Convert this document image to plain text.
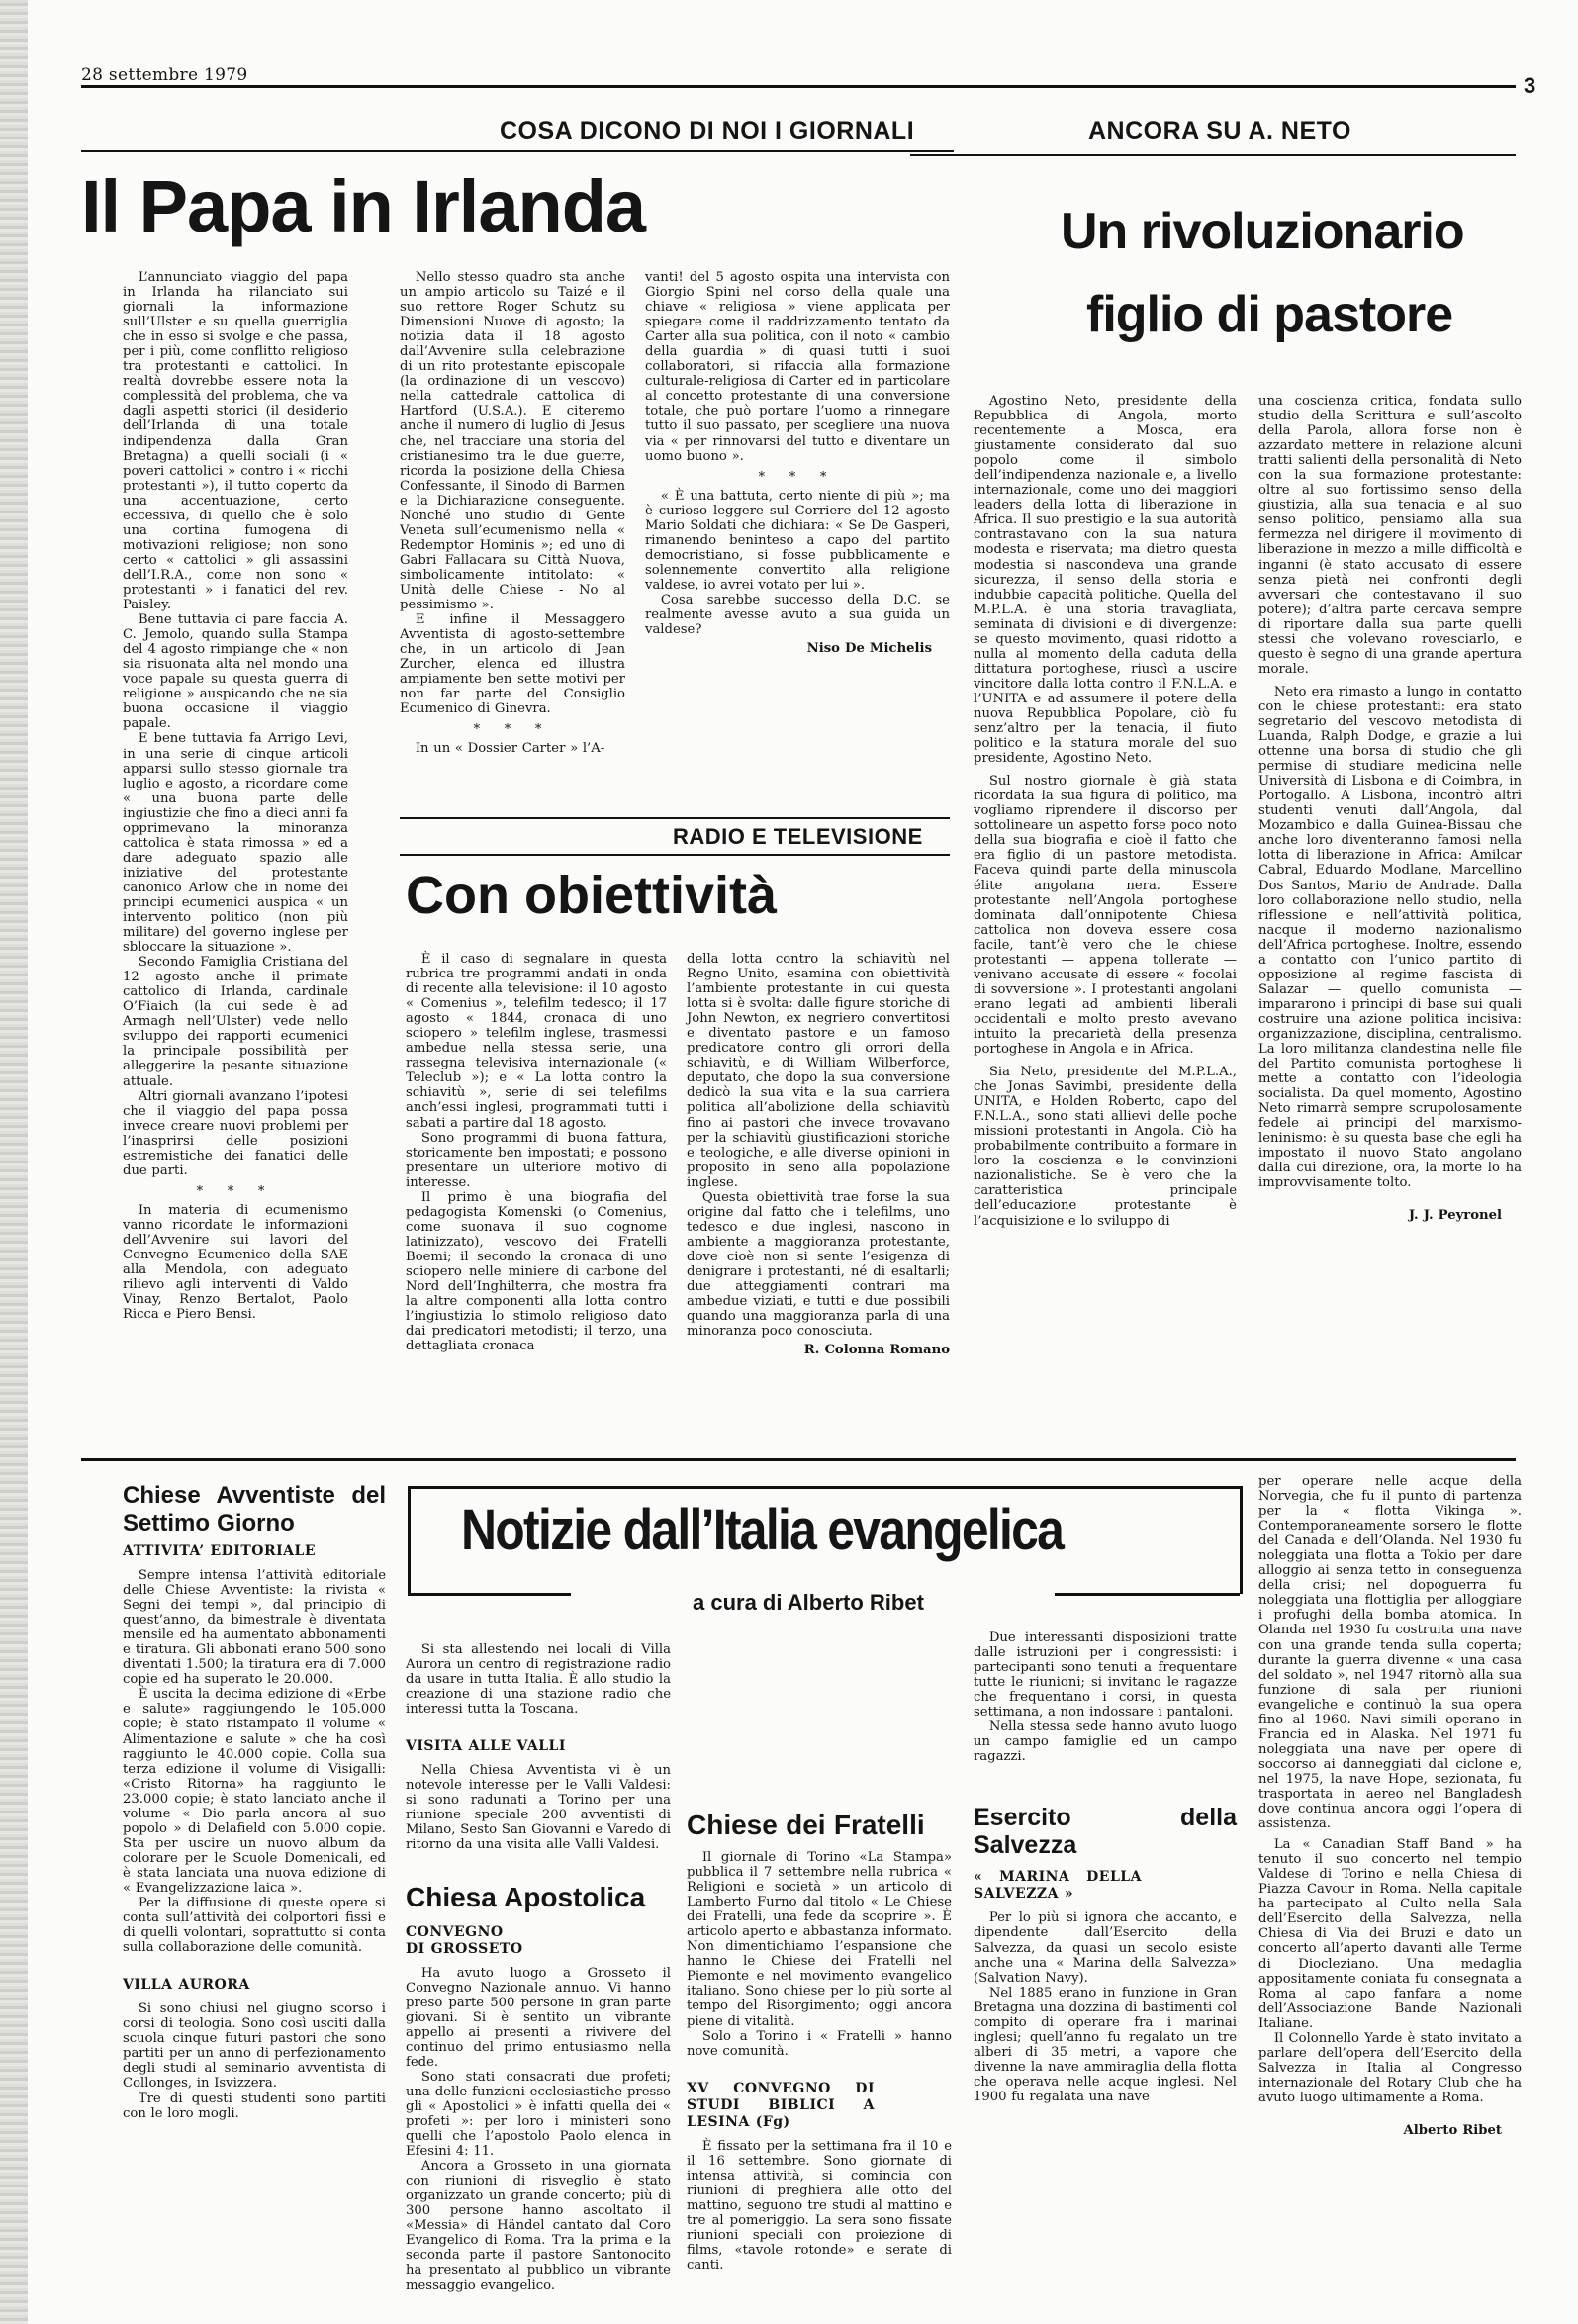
28 settembre 1979	3
COSA DICONO DI NOI I GIORNALI	ANCORA SU A. NETO
Il Papa in Irlanda

L’annunciato viaggio del papa in Irlanda ha rilanciato sui giornali la informazione sull’Ulster e su quella guerriglia che in esso si svolge e che passa, per i più, come conflitto religioso tra protestanti e cattolici. In realtà dovrebbe essere nota la complessità del problema, che va dagli aspetti storici (il desiderio dell’Irlanda di una totale indipendenza dalla Gran Bretagna) a quelli sociali (i « poveri cattolici » contro i « ricchi protestanti »), il tutto coperto da una accentuazione, certo eccessiva, di quello che è solo una cortina fumogena di motivazioni religiose; non sono certo « cattolici » gli assassini dell’I.R.A., come non sono « protestanti » i fanatici del rev. Paisley.

Bene tuttavia ci pare faccia A. C. Jemolo, quando sulla Stampa del 4 agosto rimpiange che « non sia risuonata alta nel mondo una voce papale su questa guerra di religione » auspicando che ne sia buona occasione il viaggio papale.

E bene tuttavia fa Arrigo Levi, in una serie di cinque articoli apparsi sullo stesso giornale tra luglio e agosto, a ricordare come « una buona parte delle ingiustizie che fino a dieci anni fa opprimevano la minoranza cattolica è stata rimossa » ed a dare adeguato spazio alle iniziative del protestante canonico Arlow che in nome dei principi ecumenici auspica « un intervento politico (non più militare) del governo inglese per sbloccare la situazione ».

Secondo Famiglia Cristiana del 12 agosto anche il primate cattolico di Irlanda, cardinale O’Fiaich (la cui sede è ad Armagh nell’Ulster) vede nello sviluppo dei rapporti ecumenici la principale possibilità per alleggerire la pesante situazione attuale.

Altri giornali avanzano l’ipotesi che il viaggio del papa possa invece creare nuovi problemi per l’inasprirsi delle posizioni estremistiche dei fanatici delle due parti.

* * *

In materia di ecumenismo vanno ricordate le informazioni dell’Avvenire sui lavori del Convegno Ecumenico della SAE alla Mendola, con adeguato rilievo agli interventi di Valdo Vinay, Renzo Bertalot, Paolo Ricca e Piero Bensi.

Nello stesso quadro sta anche un ampio articolo su Taizé e il suo rettore Roger Schutz su Dimensioni Nuove di agosto; la notizia data il 18 agosto dall’Avvenire sulla celebrazione di un rito protestante episcopale (la ordinazione di un vescovo) nella cattedrale cattolica di Hartford (U.S.A.). E citeremo anche il numero di luglio di Jesus che, nel tracciare una storia del cristianesimo tra le due guerre, ricorda la posizione della Chiesa Confessante, il Sinodo di Barmen e la Dichiarazione conseguente. Nonché uno studio di Gente Veneta sull’ecumenismo nella « Redemptor Hominis »; ed uno di Gabri Fallacara su Città Nuova, simbolicamente intitolato: « Unità delle Chiese - No al pessimismo ».

E infine il Messaggero Avventista di agosto-settembre che, in un articolo di Jean Zurcher, elenca ed illustra ampiamente ben sette motivi per non far parte del Consiglio Ecumenico di Ginevra.

* * *

In un « Dossier Carter » l’A-

vanti! del 5 agosto ospita una intervista con Giorgio Spini nel corso della quale una chiave « religiosa » viene applicata per spiegare come il raddrizzamento tentato da Carter alla sua politica, con il noto « cambio della guardia » di quasi tutti i suoi collaboratori, si rifaccia alla formazione culturale-religiosa di Carter ed in particolare al concetto protestante di una conversione totale, che può portare l’uomo a rinnegare tutto il suo passato, per scegliere una nuova via « per rinnovarsi del tutto e diventare un uomo buono ».

* * *

« È una battuta, certo niente di più »; ma è curioso leggere sul Corriere del 12 agosto Mario Soldati che dichiara: « Se De Gasperi, rimanendo beninteso a capo del partito democristiano, si fosse pubblicamente e solennemente convertito alla religione valdese, io avrei votato per lui ».

Cosa sarebbe successo della D.C. se realmente avesse avuto a sua guida un valdese?

Niso De Michelis
RADIO E TELEVISIONE
Con obiettività

È il caso di segnalare in questa rubrica tre programmi andati in onda di recente alla televisione: il 10 agosto « Comenius », telefilm tedesco; il 17 agosto « 1844, cronaca di uno sciopero » telefilm inglese, trasmessi ambedue nella stessa serie, una rassegna televisiva internazionale (« Teleclub »); e « La lotta contro la schiavitù », serie di sei telefilms anch’essi inglesi, programmati tutti i sabati a partire dal 18 agosto.

Sono programmi di buona fattura, storicamente ben impostati; e possono presentare un ulteriore motivo di interesse.

Il primo è una biografia del pedagogista Komenski (o Comenius, come suonava il suo cognome latinizzato), vescovo dei Fratelli Boemi; il secondo la cronaca di uno sciopero nelle miniere di carbone del Nord dell’Inghilterra, che mostra fra la altre componenti alla lotta contro l’ingiustizia lo stimolo religioso dato dai predicatori metodisti; il terzo, una dettagliata cronaca

della lotta contro la schiavitù nel Regno Unito, esamina con obiettività l’ambiente protestante in cui questa lotta si è svolta: dalle figure storiche di John Newton, ex negriero convertitosi e diventato pastore e un famoso predicatore contro gli orrori della schiavitù, e di William Wilberforce, deputato, che dopo la sua conversione dedicò la sua vita e la sua carriera politica all’abolizione della schiavitù fino ai pastori che invece trovavano per la schiavitù giustificazioni storiche e teologiche, e alle diverse opinioni in proposito in seno alla popolazione inglese.

Questa obiettività trae forse la sua origine dal fatto che i telefilms, uno tedesco e due inglesi, nascono in ambiente a maggioranza protestante, dove cioè non si sente l’esigenza di denigrare i protestanti, né di esaltarli; due atteggiamenti contrari ma ambedue viziati, e tutti e due possibili quando una maggioranza parla di una minoranza poco conosciuta.

R. Colonna Romano
Un rivoluzionario
figlio di pastore

Agostino Neto, presidente della Repubblica di Angola, morto recentemente a Mosca, era giustamente considerato dal suo popolo come il simbolo dell’indipendenza nazionale e, a livello internazionale, come uno dei maggiori leaders della lotta di liberazione in Africa. Il suo prestigio e la sua autorità contrastavano con la sua natura modesta e riservata; ma dietro questa modestia si nascondeva una grande sicurezza, il senso della storia e indubbie capacità politiche. Quella del M.P.L.A. è una storia travagliata, seminata di divisioni e di divergenze: se questo movimento, quasi ridotto a nulla al momento della caduta della dittatura portoghese, riuscì a uscire vincitore dalla lotta contro il F.N.L.A. e l’UNITA e ad assumere il potere della nuova Repubblica Popolare, ciò fu senz’altro per la tenacia, il fiuto politico e la statura morale del suo presidente, Agostino Neto.

Sul nostro giornale è già stata ricordata la sua figura di politico, ma vogliamo riprendere il discorso per sottolineare un aspetto forse poco noto della sua biografia e cioè il fatto che era figlio di un pastore metodista. Faceva quindi parte della minuscola élite angolana nera. Essere protestante nell’Angola portoghese dominata dall’onnipotente Chiesa cattolica non doveva essere cosa facile, tant’è vero che le chiese protestanti — appena tollerate — venivano accusate di essere « focolai di sovversione ». I protestanti angolani erano legati ad ambienti liberali occidentali e molto presto avevano intuito la precarietà della presenza portoghese in Angola e in Africa.

Sia Neto, presidente del M.P.L.A., che Jonas Savimbi, presidente della UNITA, e Holden Roberto, capo del F.N.L.A., sono stati allievi delle poche missioni protestanti in Angola. Ciò ha probabilmente contribuito a formare in loro la coscienza e le convinzioni nazionalistiche. Se è vero che la caratteristica principale dell’educazione protestante è l’acquisizione e lo sviluppo di

una coscienza critica, fondata sullo studio della Scrittura e sull’ascolto della Parola, allora forse non è azzardato mettere in relazione alcuni tratti salienti della personalità di Neto con la sua formazione protestante: oltre al suo fortissimo senso della giustizia, alla sua tenacia e al suo senso politico, pensiamo alla sua fermezza nel dirigere il movimento di liberazione in mezzo a mille difficoltà e inganni (è stato accusato di essere senza pietà nei confronti degli avversari che contestavano il suo potere); d’altra parte cercava sempre di riportare dalla sua parte quelli stessi che volevano rovesciarlo, e questo è segno di una grande apertura morale.

Neto era rimasto a lungo in contatto con le chiese protestanti: era stato segretario del vescovo metodista di Luanda, Ralph Dodge, e grazie a lui ottenne una borsa di studio che gli permise di studiare medicina nelle Università di Lisbona e di Coimbra, in Portogallo. A Lisbona, incontrò altri studenti venuti dall’Angola, dal Mozambico e dalla Guinea-Bissau che anche loro diventeranno famosi nella lotta di liberazione in Africa: Amilcar Cabral, Eduardo Modlane, Marcellino Dos Santos, Mario de Andrade. Dalla loro collaborazione nello studio, nella riflessione e nell’attività politica, nacque il moderno nazionalismo dell’Africa portoghese. Inoltre, essendo a contatto con l’unico partito di opposizione al regime fascista di Salazar — quello comunista — impararono i principi di base sui quali costruire una azione politica incisiva: organizzazione, disciplina, centralismo. La loro militanza clandestina nelle file del Partito comunista portoghese li mette a contatto con l’ideologia socialista. Da quel momento, Agostino Neto rimarrà sempre scrupolosamente fedele ai principi del marxismo-leninismo: è su questa base che egli ha impostato il nuovo Stato angolano dalla cui direzione, ora, la morte lo ha improvvisamente tolto.

J. J. Peyronel
Notizie dall’Italia evangelica
a cura di Alberto Ribet
Chiese Avventiste del Settimo Giorno
ATTIVITA’ EDITORIALE

Sempre intensa l’attività editoriale delle Chiese Avventiste: la rivista « Segni dei tempi », dal principio di quest’anno, da bimestrale è diventata mensile ed ha aumentato abbonamenti e tiratura. Gli abbonati erano 500 sono diventati 1.500; la tiratura era di 7.000 copie ed ha superato le 20.000.

È uscita la decima edizione di «Erbe e salute» raggiungendo le 105.000 copie; è stato ristampato il volume « Alimentazione e salute » che ha così raggiunto le 40.000 copie. Colla sua terza edizione il volume di Visigalli: «Cristo Ritorna» ha raggiunto le 23.000 copie; è stato lanciato anche il volume « Dio parla ancora al suo popolo » di Delafield con 5.000 copie. Sta per uscire un nuovo album da colorare per le Scuole Domenicali, ed è stata lanciata una nuova edizione di « Evangelizzazione laica ».

Per la diffusione di queste opere si conta sull’attività dei colportori fissi e di quelli volontari, soprattutto si conta sulla collaborazione delle comunità.

VILLA AURORA

Si sono chiusi nel giugno scorso i corsi di teologia. Sono così usciti dalla scuola cinque futuri pastori che sono partiti per un anno di perfezionamento degli studi al seminario avventista di Collonges, in Isvizzera.

Tre di questi studenti sono partiti con le loro mogli.

Si sta allestendo nei locali di Villa Aurora un centro di registrazione radio da usare in tutta Italia. È allo studio la creazione di una stazione radio che interessi tutta la Toscana.

VISITA ALLE VALLI

Nella Chiesa Avventista vi è un notevole interesse per le Valli Valdesi: si sono radunati a Torino per una riunione speciale 200 avventisti di Milano, Sesto San Giovanni e Varedo di ritorno da una visita alle Valli Valdesi.

Chiesa Apostolica
CONVEGNO DI GROSSETO

Ha avuto luogo a Grosseto il Convegno Nazionale annuo. Vi hanno preso parte 500 persone in gran parte giovani. Si è sentito un vibrante appello ai presenti a rivivere del continuo del primo entusiasmo nella fede.

Sono stati consacrati due profeti; una delle funzioni ecclesiastiche presso gli « Apostolici » è infatti quella dei « profeti »: per loro i ministeri sono quelli che l’apostolo Paolo elenca in Efesini 4: 11.

Ancora a Grosseto in una giornata con riunioni di risveglio è stato organizzato un grande concerto; più di 300 persone hanno ascoltato il «Messia» di Händel cantato dal Coro Evangelico di Roma. Tra la prima e la seconda parte il pastore Santonocito ha presentato al pubblico un vibrante messaggio evangelico.

Chiese dei Fratelli

Il giornale di Torino «La Stampa» pubblica il 7 settembre nella rubrica « Religioni e società » un articolo di Lamberto Furno dal titolo « Le Chiese dei Fratelli, una fede da scoprire ». È articolo aperto e abbastanza informato. Non dimentichiamo l’espansione che hanno le Chiese dei Fratelli nel Piemonte e nel movimento evangelico italiano. Sono chiese per lo più sorte al tempo del Risorgimento; oggi ancora piene di vitalità.

Solo a Torino i « Fratelli » hanno nove comunità.

XV CONVEGNO DI STUDI BIBLICI A LESINA (Fg)

È fissato per la settimana fra il 10 e il 16 settembre. Sono giornate di intensa attività, si comincia con riunioni di preghiera alle otto del mattino, seguono tre studi al mattino e tre al pomeriggio. La sera sono fissate riunioni speciali con proiezione di films, «tavole rotonde» e serate di canti.

Due interessanti disposizioni tratte dalle istruzioni per i congressisti: i partecipanti sono tenuti a frequentare tutte le riunioni; si invitano le ragazze che frequentano i corsi, in questa settimana, a non indossare i pantaloni.

Nella stessa sede hanno avuto luogo un campo famiglie ed un campo ragazzi.

Esercito della Salvezza
« MARINA DELLA SALVEZZA »

Per lo più si ignora che accanto, e dipendente dall’Esercito della Salvezza, da quasi un secolo esiste anche una « Marina della Salvezza» (Salvation Navy).

Nel 1885 erano in funzione in Gran Bretagna una dozzina di bastimenti col compito di operare fra i marinai inglesi; quell’anno fu regalato un tre alberi di 35 metri, a vapore che divenne la nave ammiraglia della flotta che operava nelle acque inglesi. Nel 1900 fu regalata una nave

per operare nelle acque della Norvegia, che fu il punto di partenza per la « flotta Vikinga ». Contemporaneamente sorsero le flotte del Canada e dell’Olanda. Nel 1930 fu noleggiata una flotta a Tokio per dare alloggio ai senza tetto in conseguenza della crisi; nel dopoguerra fu noleggiata una flottiglia per alloggiare i profughi della bomba atomica. In Olanda nel 1930 fu costruita una nave con una grande tenda sulla coperta; durante la guerra divenne « una casa del soldato », nel 1947 ritornò alla sua funzione di sala per riunioni evangeliche e continuò la sua opera fino al 1960. Navi simili operano in Francia ed in Alaska. Nel 1971 fu noleggiata una nave per opere di soccorso ai danneggiati dal ciclone e, nel 1975, la nave Hope, sezionata, fu trasportata in aereo nel Bangladesh dove continua ancora oggi l’opera di assistenza.

La « Canadian Staff Band » ha tenuto il suo concerto nel tempio Valdese di Torino e nella Chiesa di Piazza Cavour in Roma. Nella capitale ha partecipato al Culto nella Sala dell’Esercito della Salvezza, nella Chiesa di Via dei Bruzi e dato un concerto all’aperto davanti alle Terme di Diocleziano. Una medaglia appositamente coniata fu consegnata a Roma al capo fanfara a nome dell’Associazione Bande Nazionali Italiane.

Il Colonnello Yarde è stato invitato a parlare dell’opera dell’Esercito della Salvezza in Italia al Congresso internazionale del Rotary Club che ha avuto luogo ultimamente a Roma.

Alberto Ribet
